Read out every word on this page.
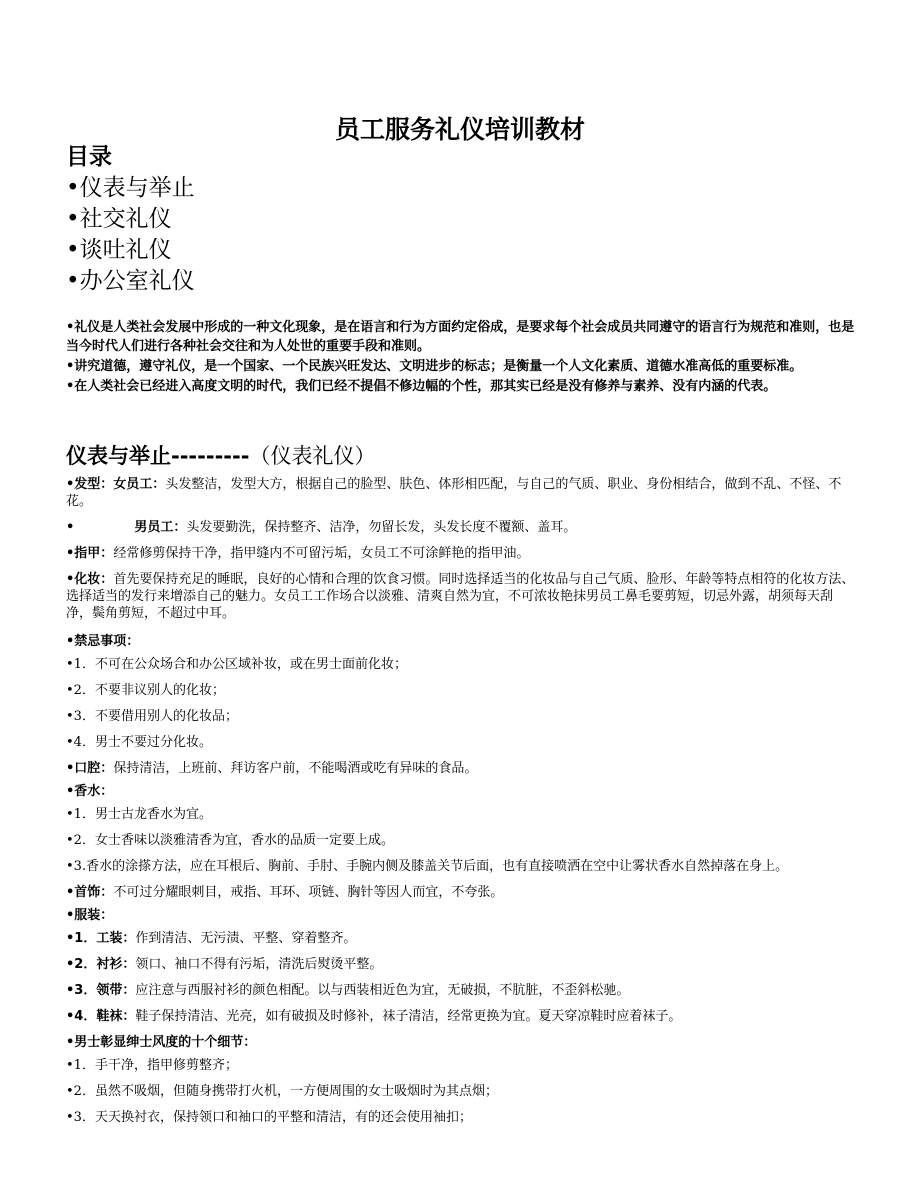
员工服务礼仪培训教材
目录
•仪表与举止
•社交礼仪
•谈吐礼仪
•办公室礼仪

•礼仪是人类社会发展中形成的一种文化现象，是在语言和行为方面约定俗成，是要求每个社会成员共同遵守的语言行为规范和准则，也是当今时代人们进行各种社会交往和为人处世的重要手段和准则。

•讲究道德，遵守礼仪，是一个国家、一个民族兴旺发达、文明进步的标志；是衡量一个人文化素质、道德水准高低的重要标准。

•在人类社会已经进入高度文明的时代，我们已经不提倡不修边幅的个性，那其实已经是没有修养与素养、没有内涵的代表。

仪表与举止---------（仪表礼仪）

•发型：女员工：头发整洁，发型大方，根据自己的脸型、肤色、体形相匹配，与自己的气质、职业、身份相结合，做到不乱、不怪、不花。

•	男员工：头发要勤洗，保持整齐、洁净，勿留长发，头发长度不覆额、盖耳。

•指甲：经常修剪保持干净，指甲缝内不可留污垢，女员工不可涂鲜艳的指甲油。

•化妆：首先要保持充足的睡眠，良好的心情和合理的饮食习惯。同时选择适当的化妆品与自己气质、脸形、年龄等特点相符的化妆方法、选择适当的发行来增添自己的魅力。女员工工作场合以淡雅、清爽自然为宜，不可浓妆艳抹男员工鼻毛要剪短，切忌外露，胡须每天刮净，鬓角剪短，不超过中耳。

•禁忌事项：

•1．不可在公众场合和办公区域补妆，或在男士面前化妆；

•2．不要非议别人的化妆；

•3．不要借用别人的化妆品；

•4．男士不要过分化妆。

•口腔：保持清洁，上班前、拜访客户前，不能喝酒或吃有异味的食品。

•香水：

•1．男士古龙香水为宜。

•2．女士香味以淡雅清香为宜，香水的品质一定要上成。

•3.香水的涂搽方法，应在耳根后、胸前、手肘、手腕内侧及膝盖关节后面，也有直接喷洒在空中让雾状香水自然掉落在身上。

•首饰：不可过分耀眼刺目，戒指、耳环、项链、胸针等因人而宜，不夸张。

•服装：

•1．工装：作到清洁、无污渍、平整、穿着整齐。

•2．衬衫：领口、袖口不得有污垢，清洗后熨烫平整。

•3．领带：应注意与西服衬衫的颜色相配。以与西装相近色为宜，无破损，不肮脏，不歪斜松驰。

•4．鞋袜：鞋子保持清洁、光亮，如有破损及时修补，袜子清洁，经常更换为宜。夏天穿凉鞋时应着袜子。

•男士彰显绅士风度的十个细节：

•1．手干净，指甲修剪整齐；

•2．虽然不吸烟，但随身携带打火机，一方便周围的女士吸烟时为其点烟；

•3．天天换衬衣，保持领口和袖口的平整和清洁，有的还会使用袖扣；
